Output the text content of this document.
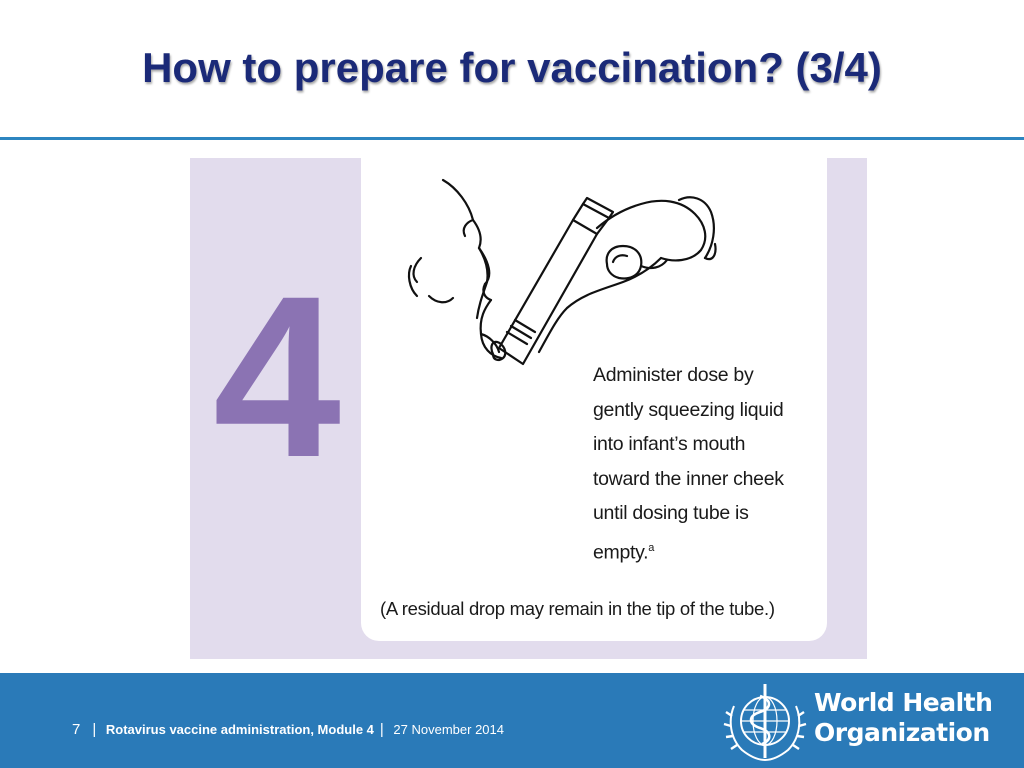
How to prepare for vaccination? (3/4)
4	Administer dose by
gently squeezing liquid
into infant’s mouth
toward the inner cheek
until dosing tube is
empty.$^a$
(A residual drop may remain in the tip of the tube.)
7 | Rotavirus vaccine administration, Module 4 | 27 November 2014
World Health
Organization
